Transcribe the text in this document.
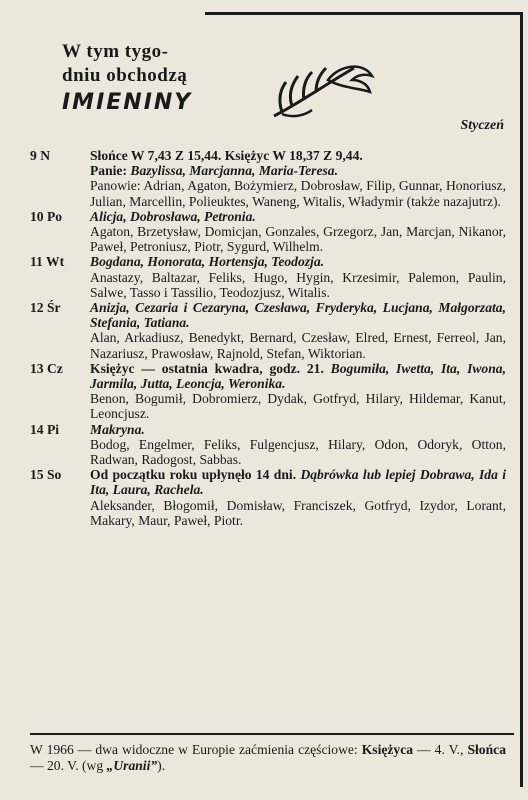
W tym tygo-
dniu obchodzą
IMIENINY
Styczeń
9 N	Słońce W 7,43 Z 15,44. Księżyc W 18,37 Z 9,44.
Panie: Bazylissa, Marcjanna, Maria-Teresa.
Panowie: Adrian, Agaton, Bożymierz, Dobrosław, Filip, Gunnar, Honoriusz, Julian, Marcellin, Polieuktes, Waneng, Witalis, Władymir (także nazajutrz).
10 Po	Alicja, Dobrosława, Petronia.
Agaton, Brzetysław, Domicjan, Gonzales, Grzegorz, Jan, Marcjan, Nikanor, Paweł, Petroniusz, Piotr, Sygurd, Wilhelm.
11 Wt	Bogdana, Honorata, Hortensja, Teodozja.
Anastazy, Baltazar, Feliks, Hugo, Hygin, Krzesimir, Palemon, Paulin, Salwe, Tasso i Tassilio, Teodozjusz, Witalis.
12 Śr	Anizja, Cezaria i Cezaryna, Czesława, Fryderyka, Lucjana, Małgorzata, Stefania, Tatiana.
Alan, Arkadiusz, Benedykt, Bernard, Czesław, Elred, Ernest, Ferreol, Jan, Nazariusz, Prawosław, Rajnold, Stefan, Wiktorian.
13 Cz	Księżyc — ostatnia kwadra, godz. 21. Bogumiła, Iwetta, Ita, Iwona, Jarmila, Jutta, Leoncja, Weronika.
Benon, Bogumił, Dobromierz, Dydak, Gotfryd, Hilary, Hildemar, Kanut, Leoncjusz.
14 Pi	Makryna.
Bodog, Engelmer, Feliks, Fulgencjusz, Hilary, Odon, Odoryk, Otton, Radwan, Radogost, Sabbas.
15 So	Od początku roku upłynęło 14 dni. Dąbrówka lub lepiej Dobrawa, Ida i Ita, Laura, Rachela.
Aleksander, Błogomił, Domisław, Franciszek, Gotfryd, Izydor, Lorant, Makary, Maur, Paweł, Piotr.
W 1966 — dwa widoczne w Europie zaćmienia częściowe: Księżyca — 4. V., Słońca — 20. V. (wg „Uranii”).
